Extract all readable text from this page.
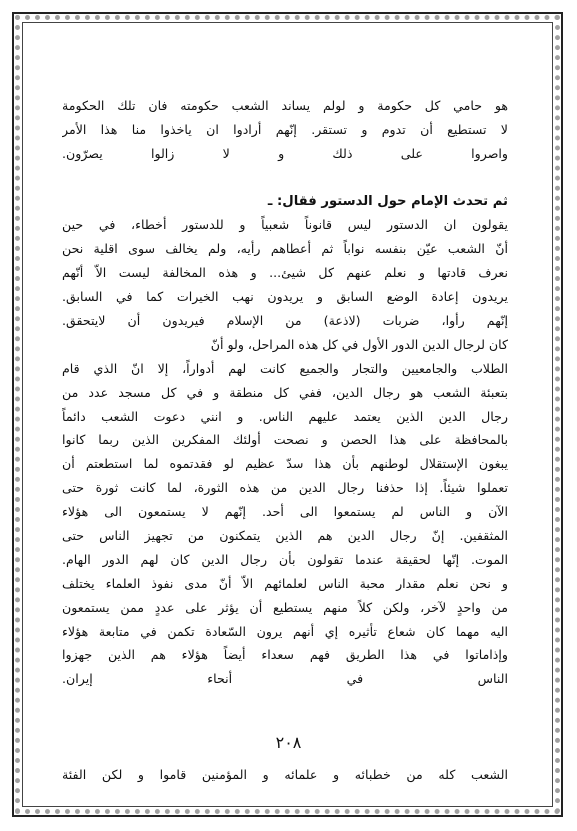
هو حامي كل حكومة و لولم يساند الشعب حكومته فان تلك الحكومة
لا تستطيع أن تدوم و تستقر. إنّهم أرادوا ان ياخذوا منا هذا الأمر
واصروا على ذلك و لا زالوا يصرّون.
ثم تحدث الإمام حول الدستور فقال: ـ
يقولون ان الدستور ليس قانوناً شعبياً و للدستور أخطاء، في حين
أنّ الشعب عيّن بنفسه نواباً ثم أعطاهم رأيه، ولم يخالف سوى اقلية نحن
نعرف قادتها و نعلم عنهم كل شيئ... و هذه المخالفة ليست الاّ أنّهم
يريدون إعادة الوضع السابق و يريدون نهب الخيرات كما في السابق.
إنّهم رأوا، ضربات (لاذعة) من الإسلام فيريدون أن لايتحقق.
كان لرجال الدين الدور الأول في كل هذه المراحل، ولو أنّ
الطلاب والجامعيين والتجار والجميع كانت لهم أدواراً، إلا انّ الذي قام
بتعبئة الشعب هو رجال الدين، ففي كل منطقة و في كل مسجد عدد من
رجال الدين الذين يعتمد عليهم الناس. و انني دعوت الشعب دائماً
بالمحافظة على هذا الحصن و نصحت أولئك المفكرين الذين ربما كانوا
يبغون الإستقلال لوطنهم بأن هذا سدّ عظيم لو فقدتموه لما استطعتم أن
تعملوا شيئاً. إذا حذفنا رجال الدين من هذه الثورة، لما كانت ثورة حتى
الآن و الناس لم يستمعوا الى أحد. إنّهم لا يستمعون الى هؤلاء
المثقفين. إنّ رجال الدين هم الذين يتمكنون من تجهيز الناس حتى
الموت. إنّها لحقيقة عندما تقولون بأن رجال الدين كان لهم الدور الهام.
و نحن نعلم مقدار محبة الناس لعلمائهم الاّ أنّ مدى نفوذ العلماء يختلف
من واحدٍ لآخر، ولكن كلاً منهم يستطيع أن يؤثر على عددٍ ممن يستمعون
اليه مهما كان شعاع تأثيره إي أنهم يرون السّعادة تكمن في متابعة هؤلاء
وإذاماتوا في هذا الطريق فهم سعداء أيضاً هؤلاء هم الذين جهزوا
الناس في أنحاء إيران.
الشعب كله من خطبائه و علمائه و المؤمنين قاموا و لكن الفئة
٢٠٨
